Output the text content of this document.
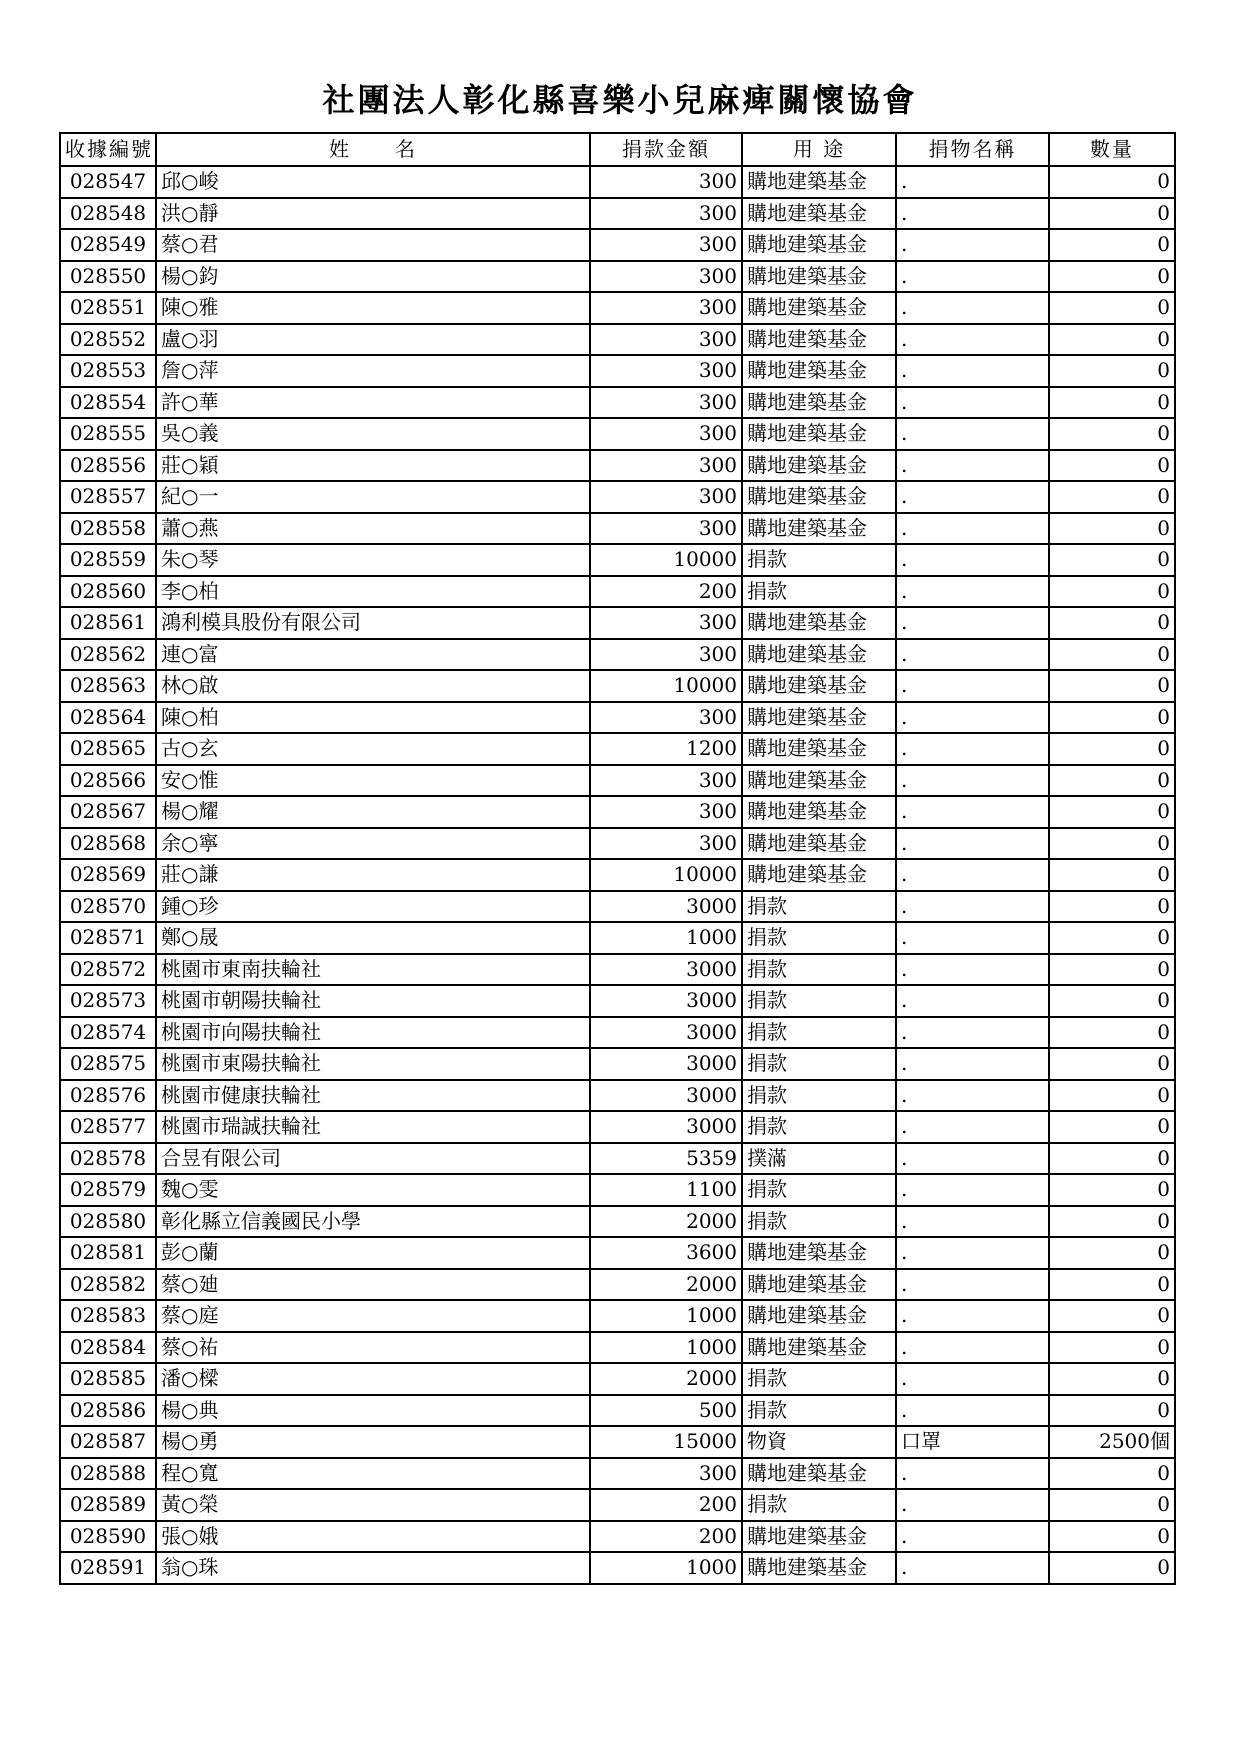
社團法人彰化縣喜樂小兒麻痺關懷協會
收據編號	姓　　名	捐款金額	用 途	捐物名稱	數量
028547	邱○峻	300	購地建築基金	.	0
028548	洪○靜	300	購地建築基金	.	0
028549	蔡○君	300	購地建築基金	.	0
028550	楊○鈞	300	購地建築基金	.	0
028551	陳○雅	300	購地建築基金	.	0
028552	盧○羽	300	購地建築基金	.	0
028553	詹○萍	300	購地建築基金	.	0
028554	許○華	300	購地建築基金	.	0
028555	吳○義	300	購地建築基金	.	0
028556	莊○穎	300	購地建築基金	.	0
028557	紀○一	300	購地建築基金	.	0
028558	蕭○燕	300	購地建築基金	.	0
028559	朱○琴	10000	捐款	.	0
028560	李○柏	200	捐款	.	0
028561	鴻利模具股份有限公司	300	購地建築基金	.	0
028562	連○富	300	購地建築基金	.	0
028563	林○啟	10000	購地建築基金	.	0
028564	陳○柏	300	購地建築基金	.	0
028565	古○玄	1200	購地建築基金	.	0
028566	安○惟	300	購地建築基金	.	0
028567	楊○耀	300	購地建築基金	.	0
028568	余○寧	300	購地建築基金	.	0
028569	莊○謙	10000	購地建築基金	.	0
028570	鍾○珍	3000	捐款	.	0
028571	鄭○晟	1000	捐款	.	0
028572	桃園市東南扶輪社	3000	捐款	.	0
028573	桃園市朝陽扶輪社	3000	捐款	.	0
028574	桃園市向陽扶輪社	3000	捐款	.	0
028575	桃園市東陽扶輪社	3000	捐款	.	0
028576	桃園市健康扶輪社	3000	捐款	.	0
028577	桃園市瑞誠扶輪社	3000	捐款	.	0
028578	合昱有限公司	5359	撲滿	.	0
028579	魏○雯	1100	捐款	.	0
028580	彰化縣立信義國民小學	2000	捐款	.	0
028581	彭○蘭	3600	購地建築基金	.	0
028582	蔡○廸	2000	購地建築基金	.	0
028583	蔡○庭	1000	購地建築基金	.	0
028584	蔡○祐	1000	購地建築基金	.	0
028585	潘○樑	2000	捐款	.	0
028586	楊○典	500	捐款	.	0
028587	楊○勇	15000	物資	口罩	2500個
028588	程○寬	300	購地建築基金	.	0
028589	黃○榮	200	捐款	.	0
028590	張○娥	200	購地建築基金	.	0
028591	翁○珠	1000	購地建築基金	.	0
